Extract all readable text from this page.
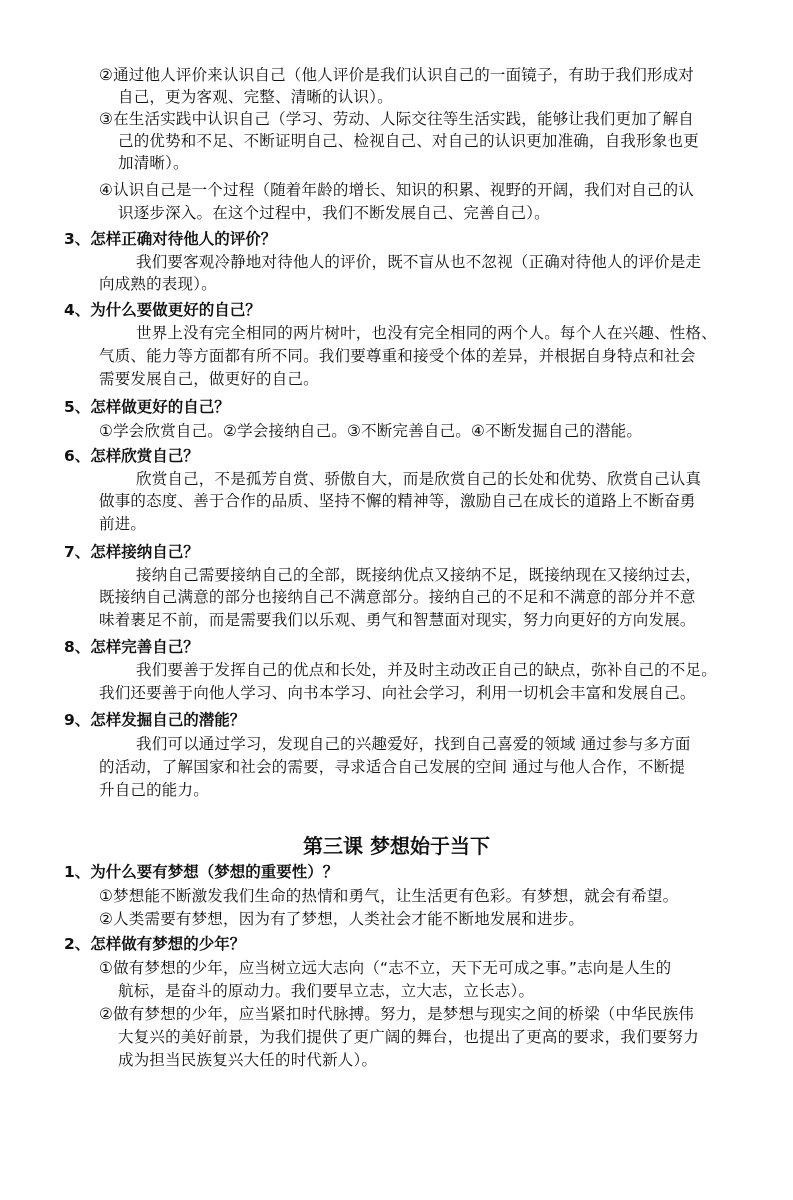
②通过他人评价来认识自己（他人评价是我们认识自己的一面镜子，有助于我们形成对
自己，更为客观、完整、清晰的认识）。
③在生活实践中认识自己（学习、劳动、人际交往等生活实践，能够让我们更加了解自
己的优势和不足、不断证明自己、检视自己、对自己的认识更加准确，自我形象也更
加清晰）。
④认识自己是一个过程（随着年龄的增长、知识的积累、视野的开阔，我们对自己的认
识逐步深入。在这个过程中，我们不断发展自己、完善自己）。
3、怎样正确对待他人的评价？
我们要客观冷静地对待他人的评价，既不盲从也不忽视（正确对待他人的评价是走
向成熟的表现）。
4、为什么要做更好的自己？
世界上没有完全相同的两片树叶，也没有完全相同的两个人。每个人在兴趣、性格、
气质、能力等方面都有所不同。我们要尊重和接受个体的差异，并根据自身特点和社会
需要发展自己，做更好的自己。
5、怎样做更好的自己？
①学会欣赏自己。②学会接纳自己。③不断完善自己。④不断发掘自己的潜能。
6、怎样欣赏自己？
欣赏自己，不是孤芳自赏、骄傲自大，而是欣赏自己的长处和优势、欣赏自己认真
做事的态度、善于合作的品质、坚持不懈的精神等，激励自己在成长的道路上不断奋勇
前进。
7、怎样接纳自己？
接纳自己需要接纳自己的全部，既接纳优点又接纳不足，既接纳现在又接纳过去，
既接纳自己满意的部分也接纳自己不满意部分。接纳自己的不足和不满意的部分并不意
味着裹足不前，而是需要我们以乐观、勇气和智慧面对现实，努力向更好的方向发展。
8、怎样完善自己？
我们要善于发挥自己的优点和长处，并及时主动改正自己的缺点，弥补自己的不足。
我们还要善于向他人学习、向书本学习、向社会学习，利用一切机会丰富和发展自己。
9、怎样发掘自己的潜能？
我们可以通过学习，发现自己的兴趣爱好，找到自己喜爱的领域 通过参与多方面
的活动，了解国家和社会的需要，寻求适合自己发展的空间 通过与他人合作，不断提
升自己的能力。
第三课 梦想始于当下
1、为什么要有梦想（梦想的重要性）？
①梦想能不断激发我们生命的热情和勇气，让生活更有色彩。有梦想，就会有希望。
②人类需要有梦想，因为有了梦想，人类社会才能不断地发展和进步。
2、怎样做有梦想的少年？
①做有梦想的少年，应当树立远大志向（“志不立，天下无可成之事。”志向是人生的
航标，是奋斗的原动力。我们要早立志，立大志，立长志）。
②做有梦想的少年，应当紧扣时代脉搏。努力，是梦想与现实之间的桥梁（中华民族伟
大复兴的美好前景，为我们提供了更广阔的舞台，也提出了更高的要求，我们要努力
成为担当民族复兴大任的时代新人）。
